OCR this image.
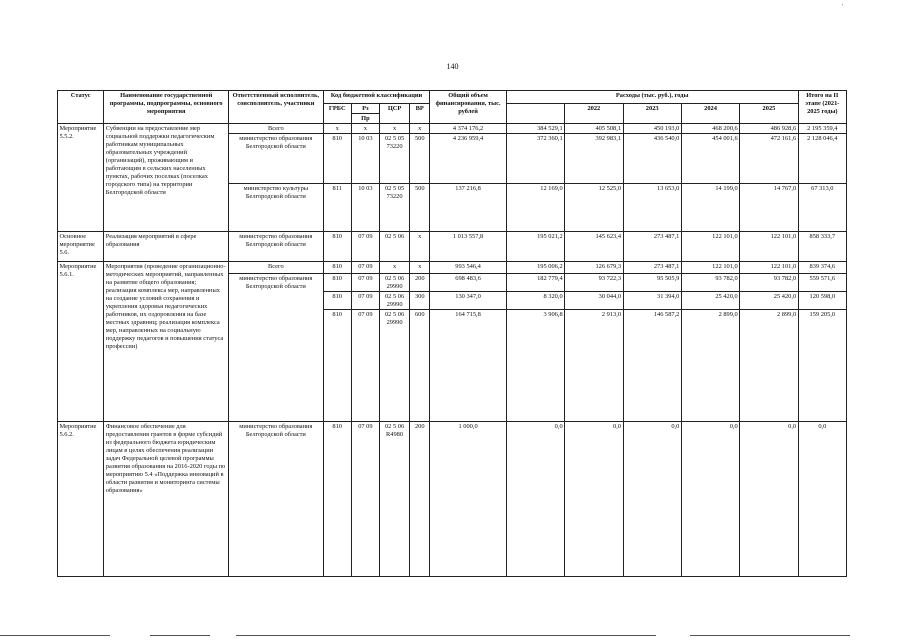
'
140
Статус	Наименование государственной программы, подпрограммы, основного мероприятия	Ответственный исполнитель, соисполнитель, участники	Код бюджетной классификации				Общий объем финансирования, тыс. рублей	Расходы (тыс. руб.), годы					Итого на II этапе (2021-2025 годы)
			ГРБС	Рз	ЦСР	ВР			2022	2023	2024	2025	
				Пр									
Мероприятие 5.5.2.	Субвенции на предоставление мер социальной поддержки педагогическим работникам муниципальных образовательных учреждений (организаций), проживающим и работающим в сельских населенных пунктах, рабочих поселках (поселках городского типа) на территории Белгородской области	Всего	х	х	х	х	4 374 176,2	384 529,1	405 508,1	450 193,0	468 200,6	486 928,6	2 195 359,4
		министерство образования Белгородской области	810	10 03	02 5 05 73220	500	4 236 959,4	372 360,1	392 983,1	436 540,0	454 001,6	472 161,6	2 128 046,4
		министерство культуры Белгородской области	811	10 03	02 5 05 73220	500	137 216,8	12 169,0	12 525,0	13 653,0	14 199,0	14 767,0	67 313,0
Основное мероприятие 5.6.	Реализация мероприятий в сфере образования	министерство образования Белгородской области	810	07 09	02 5 06	х	1 013 557,8	195 021,2	145 623,4	273 487,1	122 101,0	122 101,0	858 333,7
Мероприятие 5.6.1.	Мероприятия (проведение организационно-методических мероприятий, направленных на развитие общего образования; реализация комплекса мер, направленных на создание условий сохранения и укрепления здоровья педагогических работников, их оздоровления на базе местных здравниц; реализация комплекса мер, направленных на социальную поддержку педагогов и повышения статуса профессии)	Всего	810	07 09	х	х	993 546,4	195 006,2	126 679,3	273 487,1	122 101,0	122 101,0	839 374,6
		министерство образования Белгородской области	810	07 09	02 5 06 29990	200	698 483,6	182 779,4	93 722,3	95 505,9	93 782,0	93 782,0	559 571,6
			810	07 09	02 5 06 29990	300	130 347,0	8 320,0	30 044,0	31 394,0	25 420,0	25 420,0	120 598,0
			810	07 09	02 5 06 29990	600	164 715,8	3 906,8	2 913,0	146 587,2	2 899,0	2 899,0	159 205,0
Мероприятие 5.6.2.	Финансовое обеспечение для предоставления грантов в форме субсидий из федерального бюджета юридическим лицам в целях обеспечения реализации задач Федеральной целевой программы развития образования на 2016-2020 годы по мероприятию 5.4 «Поддержка инноваций в области развития и мониторинга системы образования»	министерство образования Белгородской области	810	07 09	02 5 06 R4980	200	1 000,0	0,0	0,0	0,0	0,0	0,0	0,0
